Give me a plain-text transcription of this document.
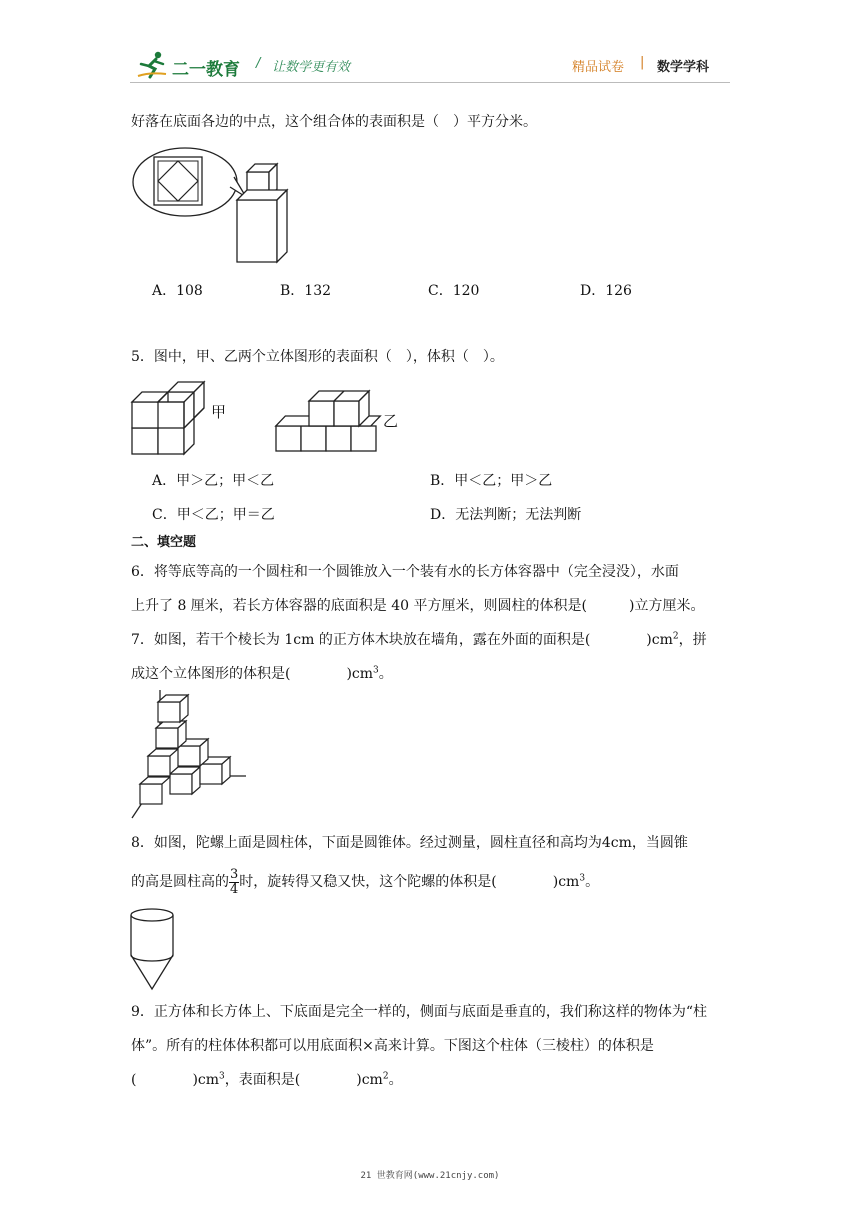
二一教育 / 让数学更有效	精品试卷 | 数学学科
好落在底面各边的中点，这个组合体的表面积是（　）平方分米。
A．108	B．132	C．120	D．126
5．图中，甲、乙两个立体图形的表面积（　），体积（　）。
甲	乙
A．甲＞乙；甲＜乙	B．甲＜乙；甲＞乙
C．甲＜乙；甲＝乙	D．无法判断；无法判断
二、填空题
6．将等底等高的一个圆柱和一个圆锥放入一个装有水的长方体容器中（完全浸没），水面
上升了 8 厘米，若长方体容器的底面积是 40 平方厘米，则圆柱的体积是(　　　)立方厘米。
7．如图，若干个棱长为 1cm 的正方体木块放在墙角，露在外面的面积是(　　　　)$cm^2$，拼
成这个立体图形的体积是(　　　　)$cm^3$。
8．如图，陀螺上面是圆柱体，下面是圆锥体。经过测量，圆柱直径和高均为4cm，当圆锥
的高是圆柱高的 $\frac{3}{4}$ 时，旋转得又稳又快，这个陀螺的体积是(　　　　)$cm^3$。
9．正方体和长方体上、下底面是完全一样的，侧面与底面是垂直的，我们称这样的物体为“柱
体”。所有的柱体体积都可以用底面积×高来计算。下图这个柱体（三棱柱）的体积是
(　　　　)$cm^3$，表面积是(　　　　)$cm^2$。
21 世教育网(www.21cnjy.com)
